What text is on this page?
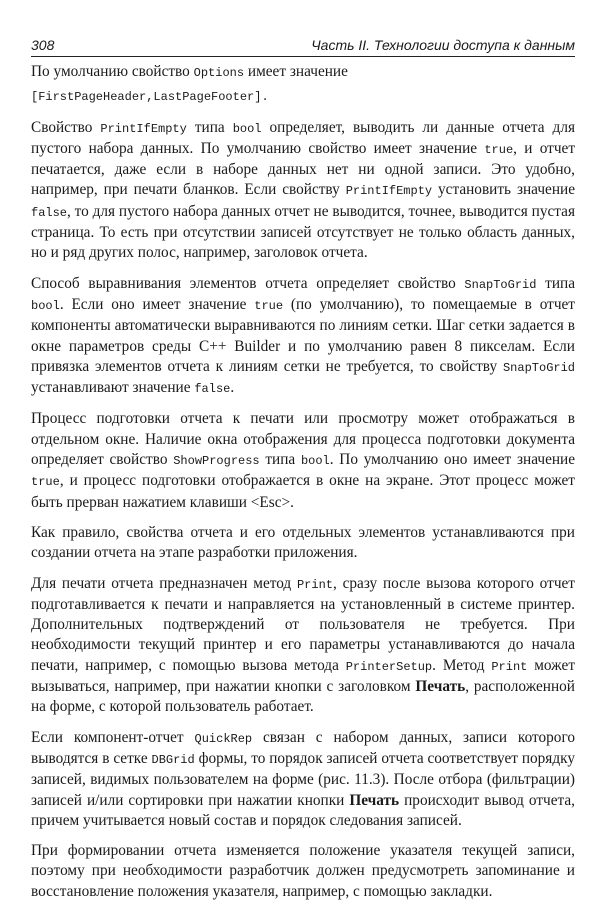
308	Часть II. Технологии доступа к данным

По умолчанию свойство Options имеет значение
[FirstPageHeader,LastPageFooter].

Свойство PrintIfEmpty типа bool определяет, выводить ли данные отчета для пустого набора данных. По умолчанию свойство имеет значение true, и отчет печатается, даже если в наборе данных нет ни одной записи. Это удобно, например, при печати бланков. Если свойству PrintIfEmpty установить значение false, то для пустого набора данных отчет не выводится, точнее, выводится пустая страница. То есть при отсутствии записей отсутствует не только область данных, но и ряд других полос, например, заголовок отчета.

Способ выравнивания элементов отчета определяет свойство SnapToGrid типа bool. Если оно имеет значение true (по умолчанию), то помещаемые в отчет компоненты автоматически выравниваются по линиям сетки. Шаг сетки задается в окне параметров среды C++ Builder и по умолчанию равен 8 пикселам. Если привязка элементов отчета к линиям сетки не требуется, то свойству SnapToGrid устанавливают значение false.

Процесс подготовки отчета к печати или просмотру может отображаться в отдельном окне. Наличие окна отображения для процесса подготовки документа определяет свойство ShowProgress типа bool. По умолчанию оно имеет значение true, и процесс подготовки отображается в окне на экране. Этот процесс может быть прерван нажатием клавиши <Esc>.

Как правило, свойства отчета и его отдельных элементов устанавливаются при создании отчета на этапе разработки приложения.

Для печати отчета предназначен метод Print, сразу после вызова которого отчет подготавливается к печати и направляется на установленный в системе принтер. Дополнительных подтверждений от пользователя не требуется. При необходимости текущий принтер и его параметры устанавливаются до начала печати, например, с помощью вызова метода PrinterSetup. Метод Print может вызываться, например, при нажатии кнопки с заголовком Печать, расположенной на форме, с которой пользователь работает.

Если компонент-отчет QuickRep связан с набором данных, записи которого выводятся в сетке DBGrid формы, то порядок записей отчета соответствует порядку записей, видимых пользователем на форме (рис. 11.3). После отбора (фильтрации) записей и/или сортировки при нажатии кнопки Печать происходит вывод отчета, причем учитывается новый состав и порядок следования записей.

При формировании отчета изменяется положение указателя текущей записи, поэтому при необходимости разработчик должен предусмотреть запоминание и восстановление положения указателя, например, с помощью закладки.
